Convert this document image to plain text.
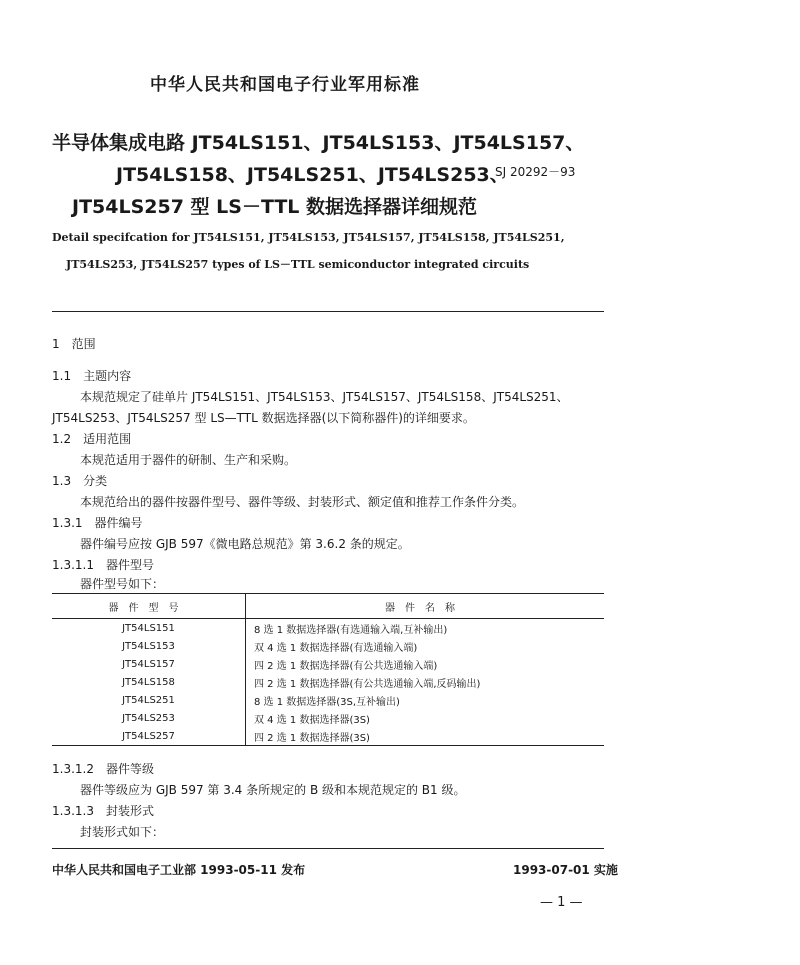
中华人民共和国电子行业军用标准
半导体集成电路 JT54LS151、JT54LS153、JT54LS157、
JT54LS158、JT54LS251、JT54LS253、
SJ 20292－93
JT54LS257 型 LS－TTL 数据选择器详细规范
Detail specifcation for JT54LS151, JT54LS153, JT54LS157, JT54LS158, JT54LS251,
JT54LS253, JT54LS257 types of LS－TTL semiconductor integrated circuits
1　范围
1.1　主题内容
本规范规定了硅单片 JT54LS151、JT54LS153、JT54LS157、JT54LS158、JT54LS251、
JT54LS253、JT54LS257 型 LS—TTL 数据选择器(以下简称器件)的详细要求。
1.2　适用范围
本规范适用于器件的研制、生产和采购。
1.3　分类
本规范给出的器件按器件型号、器件等级、封装形式、额定值和推荐工作条件分类。
1.3.1　器件编号
器件编号应按 GJB 597《微电路总规范》第 3.6.2 条的规定。
1.3.1.1　器件型号
器件型号如下：
器件型号	器件名称
JT54LS151	8 选 1 数据选择器(有选通输入端,互补输出)
JT54LS153	双 4 选 1 数据选择器(有选通输入端)
JT54LS157	四 2 选 1 数据选择器(有公共选通输入端)
JT54LS158	四 2 选 1 数据选择器(有公共选通输入端,反码输出)
JT54LS251	8 选 1 数据选择器(3S,互补输出)
JT54LS253	双 4 选 1 数据选择器(3S)
JT54LS257	四 2 选 1 数据选择器(3S)
1.3.1.2　器件等级
器件等级应为 GJB 597 第 3.4 条所规定的 B 级和本规范规定的 B1 级。
1.3.1.3　封装形式
封装形式如下：
中华人民共和国电子工业部 1993-05-11 发布	1993-07-01 实施
— 1 —
